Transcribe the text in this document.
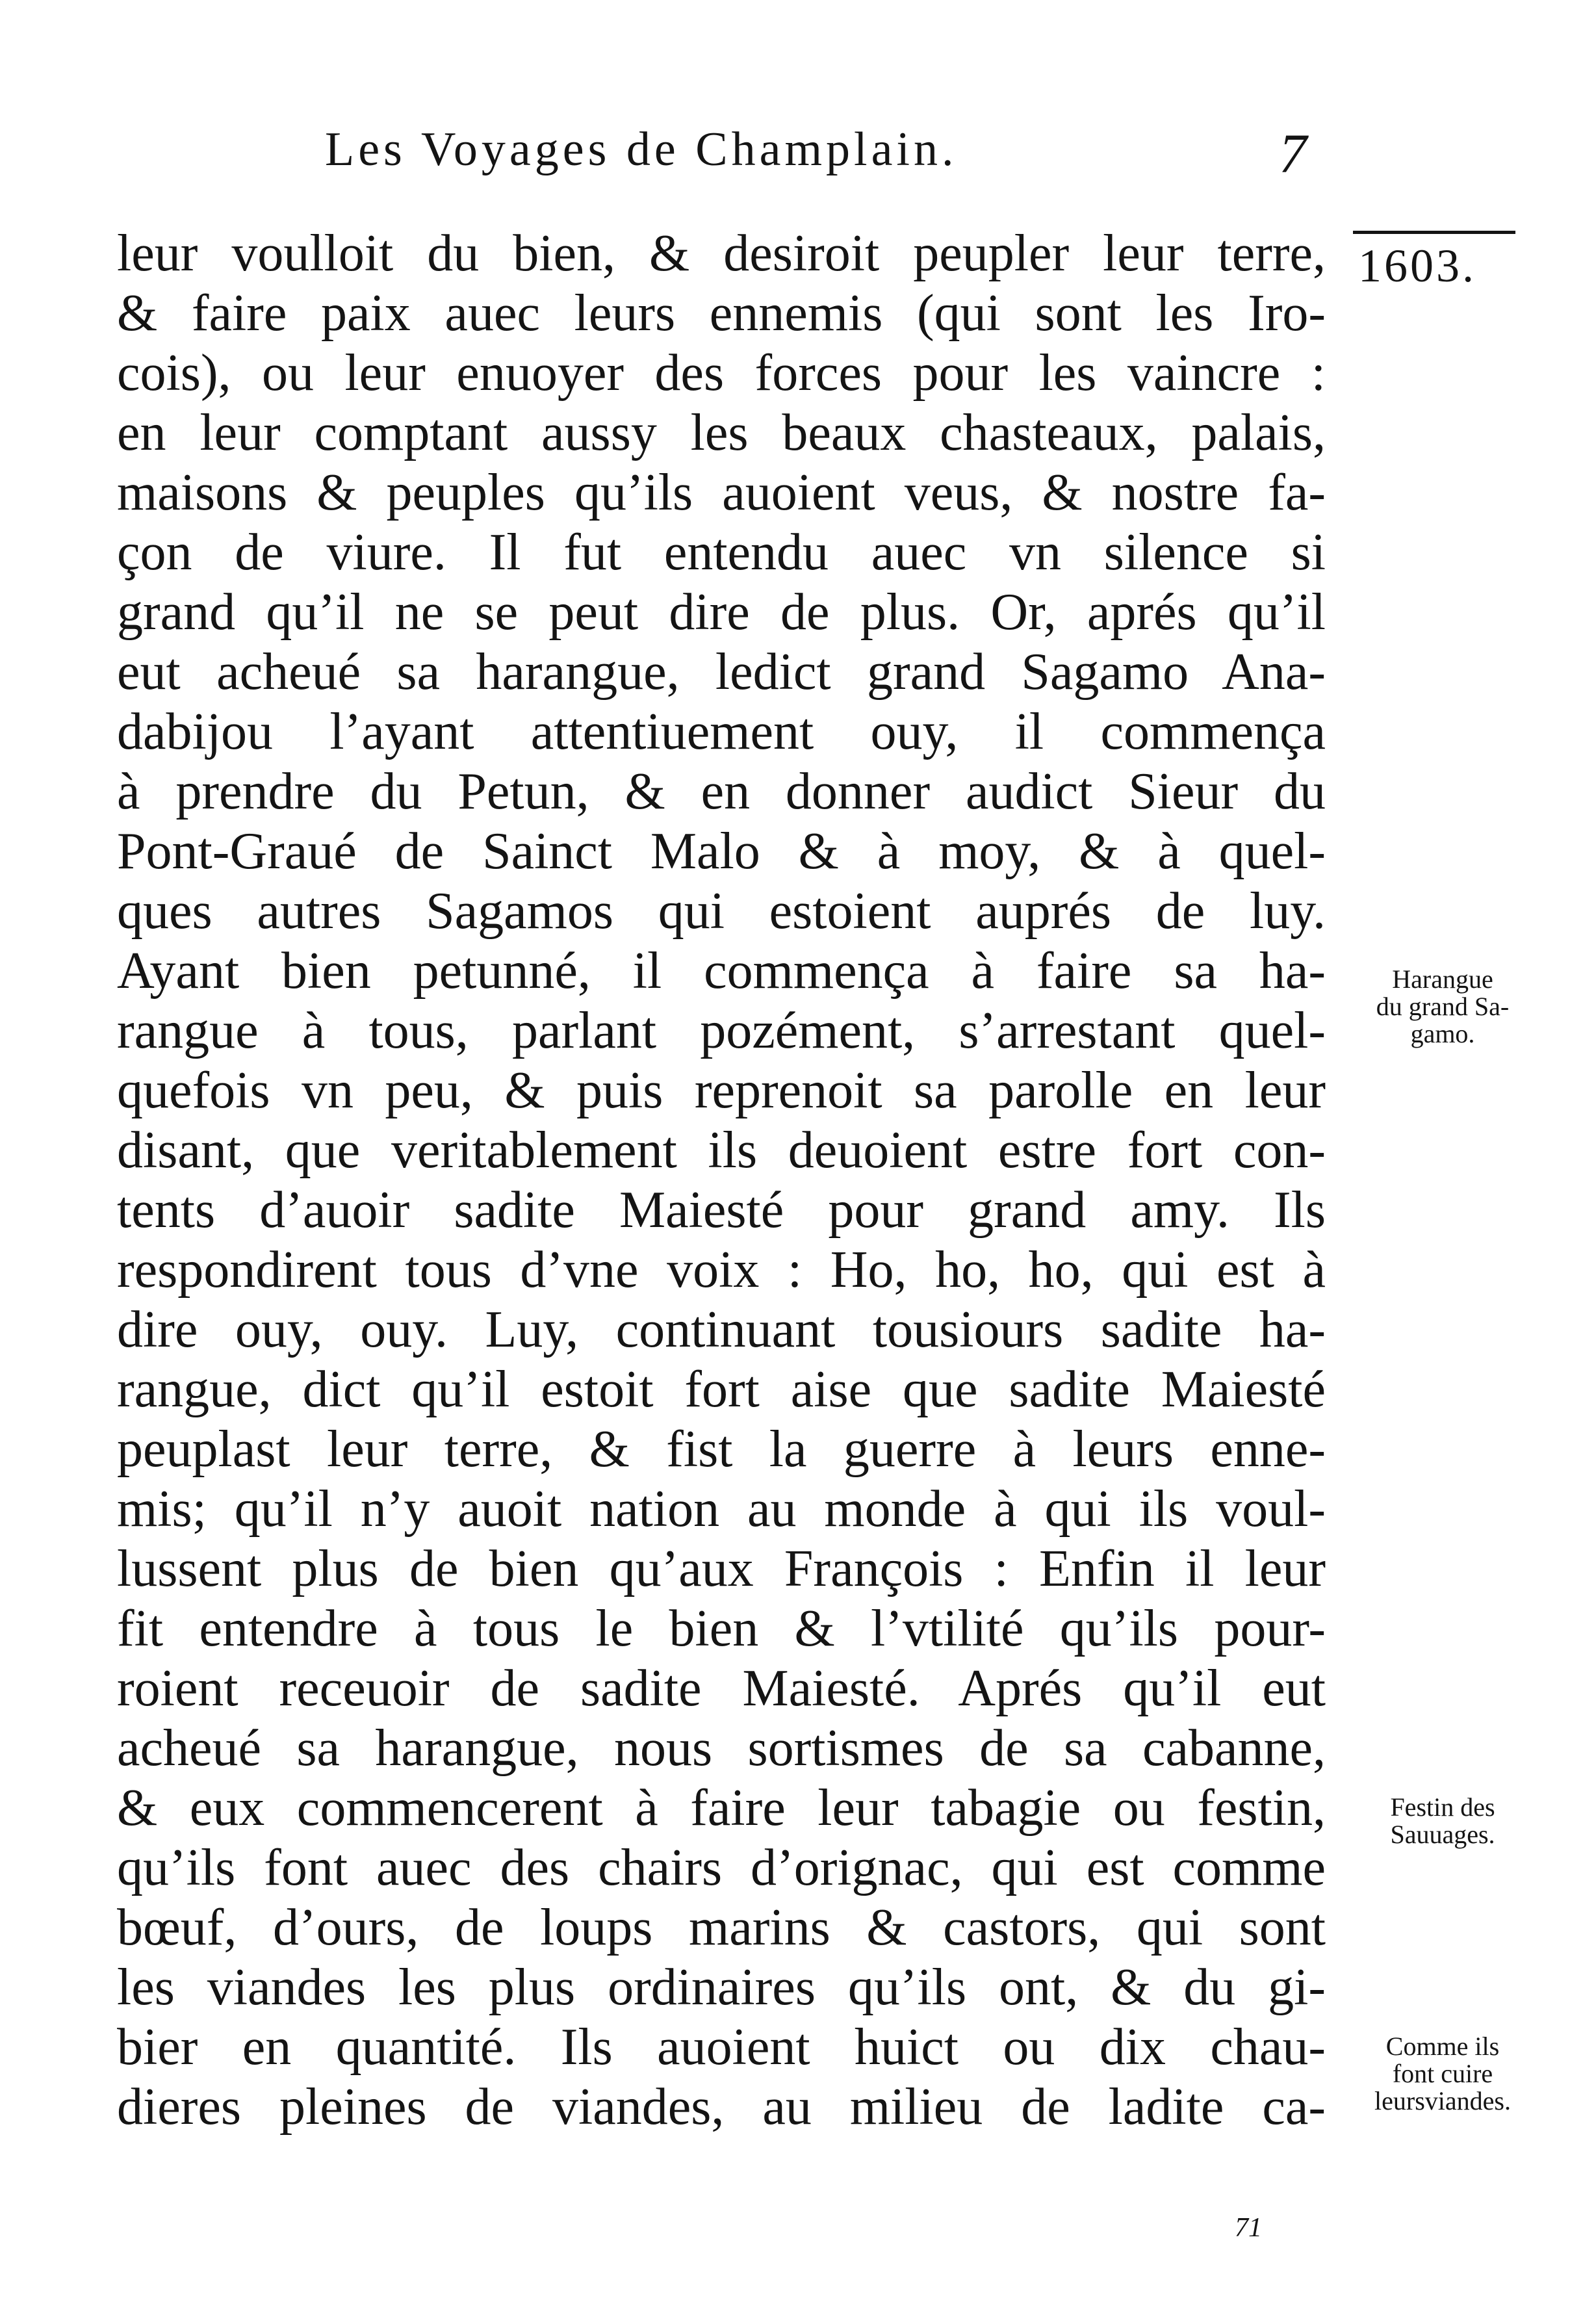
Les Voyages de Champlain.	7
1603.
leur voulloit du bien, & desiroit peupler leur terre,
& faire paix auec leurs ennemis (qui sont les Iro-
cois), ou leur enuoyer des forces pour les vaincre :
en leur comptant aussy les beaux chasteaux, palais,
maisons & peuples qu’ils auoient veus, & nostre fa-
çon de viure. Il fut entendu auec vn silence si
grand qu’il ne se peut dire de plus. Or, aprés qu’il
eut acheué sa harangue, ledict grand Sagamo Ana-
dabijou l’ayant attentiuement ouy, il commença
à prendre du Petun, & en donner audict Sieur du
Pont-Graué de Sainct Malo & à moy, & à quel-
ques autres Sagamos qui estoient auprés de luy.
Ayant bien petunné, il commença à faire sa ha-
rangue à tous, parlant pozément, s’arrestant quel-
quefois vn peu, & puis reprenoit sa parolle en leur
disant, que veritablement ils deuoient estre fort con-
tents d’auoir sadite Maiesté pour grand amy. Ils
respondirent tous d’vne voix : Ho, ho, ho, qui est à
dire ouy, ouy. Luy, continuant tousiours sadite ha-
rangue, dict qu’il estoit fort aise que sadite Maiesté
peuplast leur terre, & fist la guerre à leurs enne-
mis; qu’il n’y auoit nation au monde à qui ils voul-
lussent plus de bien qu’aux François : Enfin il leur
fit entendre à tous le bien & l’vtilité qu’ils pour-
roient receuoir de sadite Maiesté. Aprés qu’il eut
acheué sa harangue, nous sortismes de sa cabanne,
& eux commencerent à faire leur tabagie ou festin,
qu’ils font auec des chairs d’orignac, qui est comme
bœuf, d’ours, de loups marins & castors, qui sont
les viandes les plus ordinaires qu’ils ont, & du gi-
bier en quantité. Ils auoient huict ou dix chau-
dieres pleines de viandes, au milieu de ladite ca-
Harangue
du grand Sa-
gamo.
Festin des
Sauuages.
Comme ils
font cuire
leursviandes.
71
